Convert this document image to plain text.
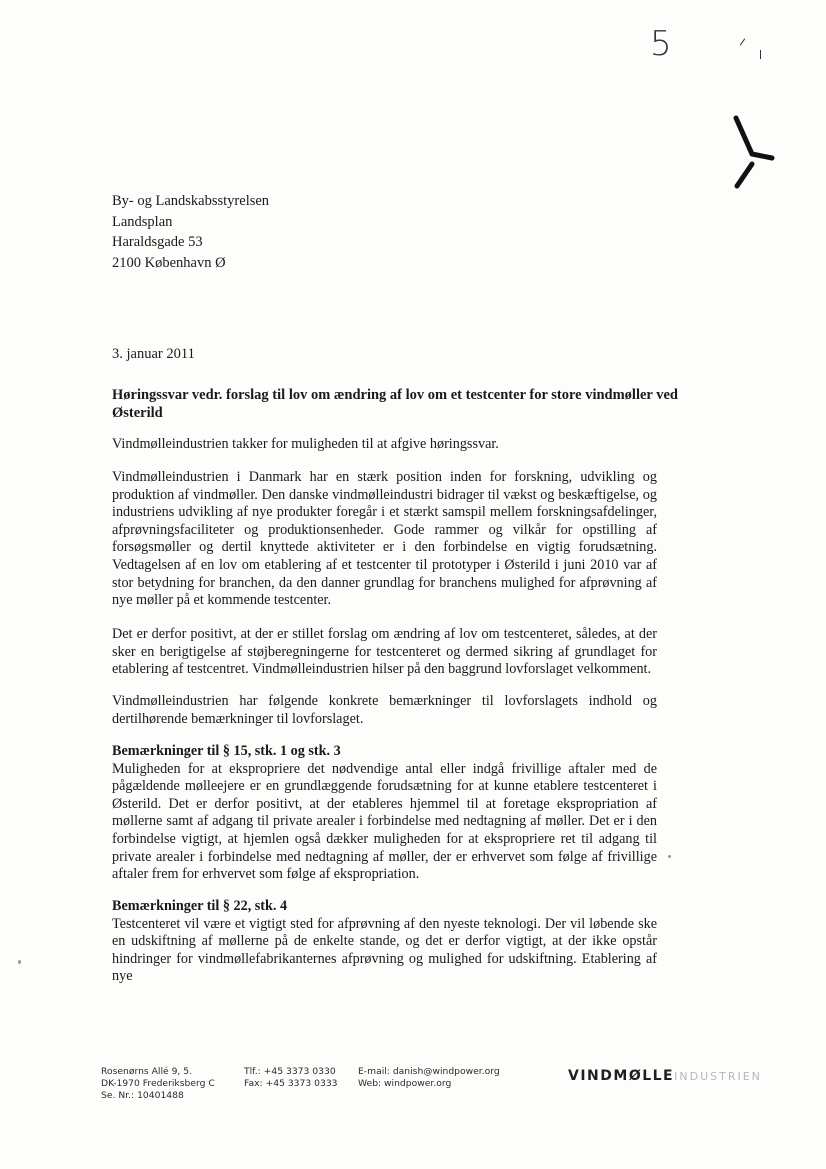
5
By- og Landskabsstyrelsen
Landsplan
Haraldsgade 53
2100 København Ø
3. januar 2011
Høringssvar vedr. forslag til lov om ændring af lov om et testcenter for store vindmøller ved Østerild

Vindmølleindustrien takker for muligheden til at afgive høringssvar.

Vindmølleindustrien i Danmark har en stærk position inden for forskning, udvikling og produktion af vindmøller. Den danske vindmølleindustri bidrager til vækst og beskæftigelse, og industriens udvikling af nye produkter foregår i et stærkt samspil mellem forskningsafdelinger, afprøvningsfaciliteter og produktionsenheder. Gode rammer og vilkår for opstilling af forsøgsmøller og dertil knyttede aktiviteter er i den forbindelse en vigtig forudsætning. Vedtagelsen af en lov om etablering af et testcenter til prototyper i Østerild i juni 2010 var af stor betydning for branchen, da den danner grundlag for branchens mulighed for afprøvning af nye møller på et kommende testcenter.

Det er derfor positivt, at der er stillet forslag om ændring af lov om testcenteret, således, at der sker en berigtigelse af støjberegningerne for testcenteret og dermed sikring af grundlaget for etablering af testcentret. Vindmølleindustrien hilser på den baggrund lovforslaget velkomment.

Vindmølleindustrien har følgende konkrete bemærkninger til lovforslagets indhold og dertilhørende bemærkninger til lovforslaget.

Bemærkninger til § 15, stk. 1 og stk. 3
Muligheden for at ekspropriere det nødvendige antal eller indgå frivillige aftaler med de pågældende mølleejere er en grundlæggende forudsætning for at kunne etablere testcenteret i Østerild. Det er derfor positivt, at der etableres hjemmel til at foretage ekspropriation af møllerne samt af adgang til private arealer i forbindelse med nedtagning af møller. Det er i den forbindelse vigtigt, at hjemlen også dækker muligheden for at ekspropriere ret til adgang til private arealer i forbindelse med nedtagning af møller, der er erhvervet som følge af frivillige aftaler frem for erhvervet som følge af ekspropriation.
Bemærkninger til § 22, stk. 4
Testcenteret vil være et vigtigt sted for afprøvning af den nyeste teknologi. Der vil løbende ske en udskiftning af møllerne på de enkelte stande, og det er derfor vigtigt, at der ikke opstår hindringer for vindmøllefabrikanternes afprøvning og mulighed for udskiftning. Etablering af nye
Rosenørns Allé 9, 5.
DK-1970 Frederiksberg C
Se. Nr.: 10401488
Tlf.: +45 3373 0330
Fax: +45 3373 0333
E-mail: danish@windpower.org
Web: windpower.org	VINDMØLLEINDUSTRIEN
